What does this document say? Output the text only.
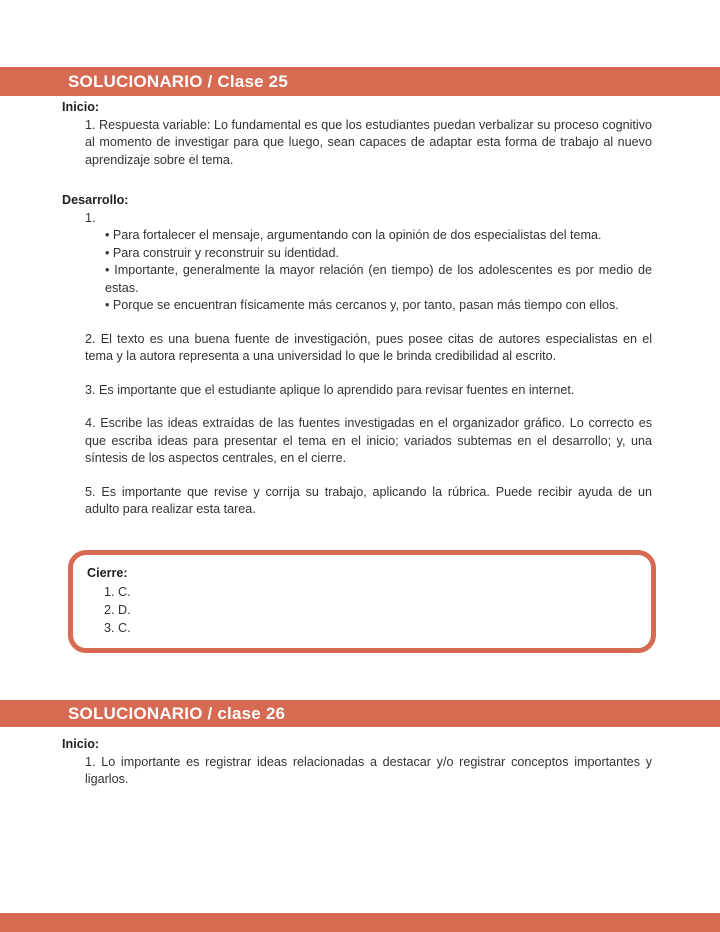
SOLUCIONARIO / Clase 25
Inicio:

1. Respuesta variable: Lo fundamental es que los estudiantes puedan verbalizar su proceso cognitivo al momento de investigar para que luego, sean capaces de adaptar esta forma de trabajo al nuevo aprendizaje sobre el tema.

Desarrollo:
1.

• Para fortalecer el mensaje, argumentando con la opinión de dos especialistas del tema.

• Para construir y reconstruir su identidad.

• Importante, generalmente la mayor relación (en tiempo) de los adolescentes es por medio de estas.

• Porque se encuentran físicamente más cercanos y, por tanto, pasan más tiempo con ellos.

2. El texto es una buena fuente de investigación, pues posee citas de autores especialistas en el tema y la autora representa a una universidad lo que le brinda credibilidad al escrito.

3. Es importante que el estudiante aplique lo aprendido para revisar fuentes en internet.

4. Escribe las ideas extraídas de las fuentes investigadas en el organizador gráfico. Lo correcto es que escriba ideas para presentar el tema en el inicio; variados subtemas en el desarrollo; y, una síntesis de los aspectos centrales, en el cierre.

5. Es importante que revise y corrija su trabajo, aplicando la rúbrica. Puede recibir ayuda de un adulto para realizar esta tarea.

Cierre:
1. C.
2. D.
3. C.
SOLUCIONARIO / clase 26
Inicio:

1. Lo importante es registrar ideas relacionadas a destacar y/o registrar conceptos importantes y ligarlos.
